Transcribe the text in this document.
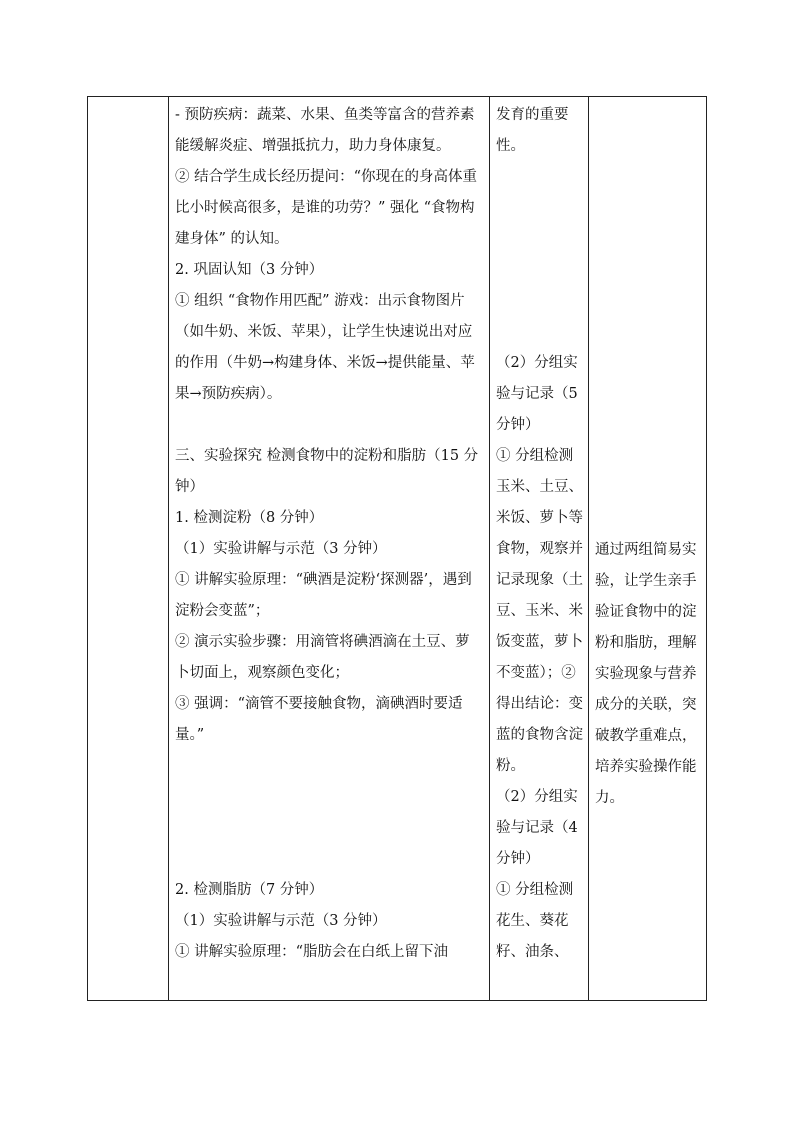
- 预防疾病：蔬菜、水果、鱼类等富含的营养素能缓解炎症、增强抵抗力，助力身体康复。

② 结合学生成长经历提问：“你现在的身高体重比小时候高很多，是谁的功劳？” 强化 “食物构建身体” 的认知。

2. 巩固认知（3 分钟）

① 组织 “食物作用匹配” 游戏：出示食物图片（如牛奶、米饭、苹果），让学生快速说出对应的作用（牛奶→构建身体、米饭→提供能量、苹果→预防疾病）。

三、实验探究 检测食物中的淀粉和脂肪（15 分钟）

1. 检测淀粉（8 分钟）

（1）实验讲解与示范（3 分钟）

① 讲解实验原理：“碘酒是淀粉‘探测器’，遇到淀粉会变蓝”；

② 演示实验步骤：用滴管将碘酒滴在土豆、萝卜切面上，观察颜色变化；

③ 强调：“滴管不要接触食物，滴碘酒时要适量。”

2. 检测脂肪（7 分钟）

（1）实验讲解与示范（3 分钟）

① 讲解实验原理：“脂肪会在白纸上留下油

发育的重要性。

（2）分组实验与记录（5 分钟）

① 分组检测玉米、土豆、米饭、萝卜等食物，观察并记录现象（土豆、玉米、米饭变蓝，萝卜不变蓝）；② 得出结论：变蓝的食物含淀粉。

（2）分组实验与记录（4 分钟）

① 分组检测花生、葵花籽、油条、

通过两组简易实验，让学生亲手验证食物中的淀粉和脂肪，理解实验现象与营养成分的关联，突破教学重难点，培养实验操作能力。
